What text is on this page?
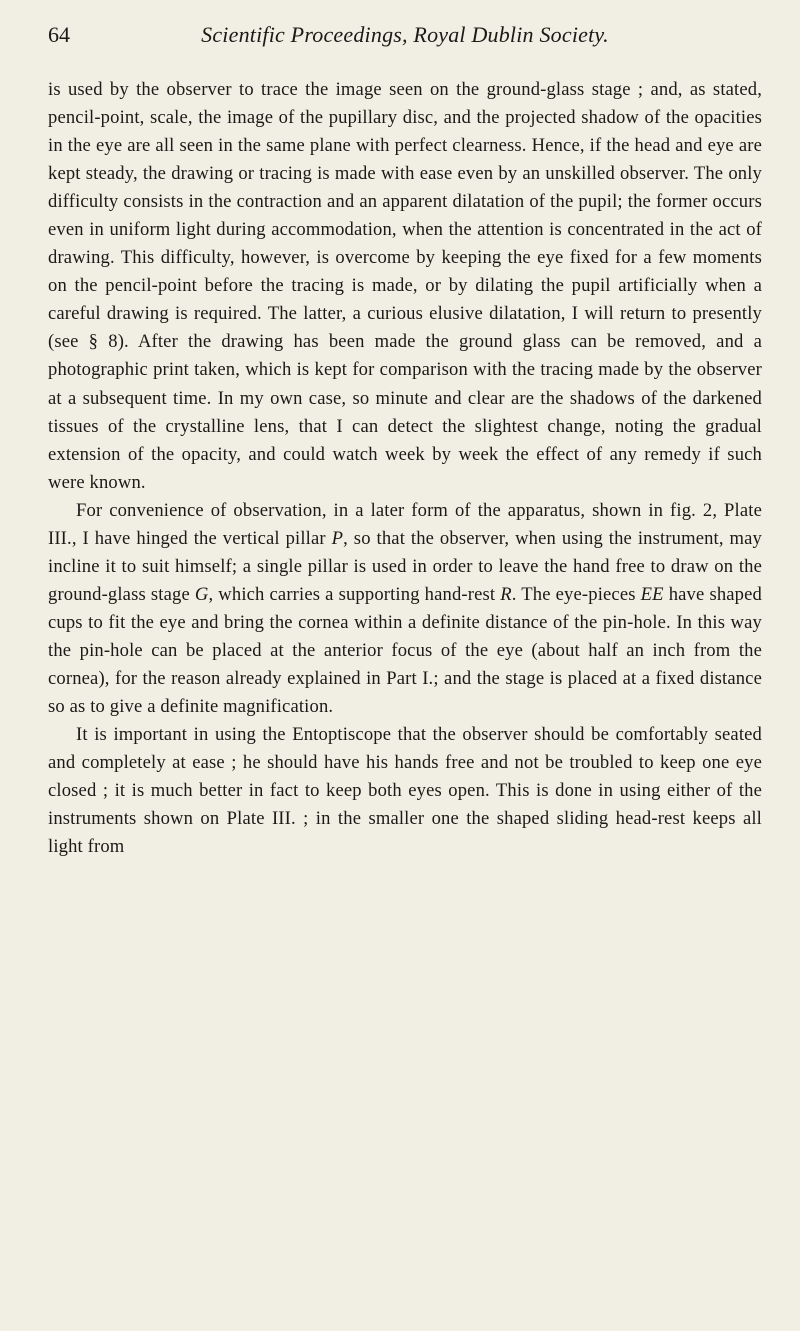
64	Scientific Proceedings, Royal Dublin Society.

is used by the observer to trace the image seen on the ground-glass stage ; and, as stated, pencil-point, scale, the image of the pupillary disc, and the projected shadow of the opacities in the eye are all seen in the same plane with perfect clearness. Hence, if the head and eye are kept steady, the drawing or tracing is made with ease even by an unskilled observer. The only difficulty consists in the contraction and an apparent dilatation of the pupil; the former occurs even in uniform light during accommodation, when the attention is concentrated in the act of drawing. This difficulty, however, is overcome by keeping the eye fixed for a few moments on the pencil-point before the tracing is made, or by dilating the pupil artificially when a careful drawing is required. The latter, a curious elusive dilatation, I will return to presently (see § 8). After the drawing has been made the ground glass can be removed, and a photographic print taken, which is kept for comparison with the tracing made by the observer at a subsequent time. In my own case, so minute and clear are the shadows of the darkened tissues of the crystalline lens, that I can detect the slightest change, noting the gradual extension of the opacity, and could watch week by week the effect of any remedy if such were known.

For convenience of observation, in a later form of the apparatus, shown in fig. 2, Plate III., I have hinged the vertical pillar P, so that the observer, when using the instrument, may incline it to suit himself; a single pillar is used in order to leave the hand free to draw on the ground-glass stage G, which carries a supporting hand-rest R. The eye-pieces EE have shaped cups to fit the eye and bring the cornea within a definite distance of the pin-hole. In this way the pin-hole can be placed at the anterior focus of the eye (about half an inch from the cornea), for the reason already explained in Part I.; and the stage is placed at a fixed distance so as to give a definite magnification.

It is important in using the Entoptiscope that the observer should be comfortably seated and completely at ease ; he should have his hands free and not be troubled to keep one eye closed ; it is much better in fact to keep both eyes open. This is done in using either of the instruments shown on Plate III. ; in the smaller one the shaped sliding head-rest keeps all light from
